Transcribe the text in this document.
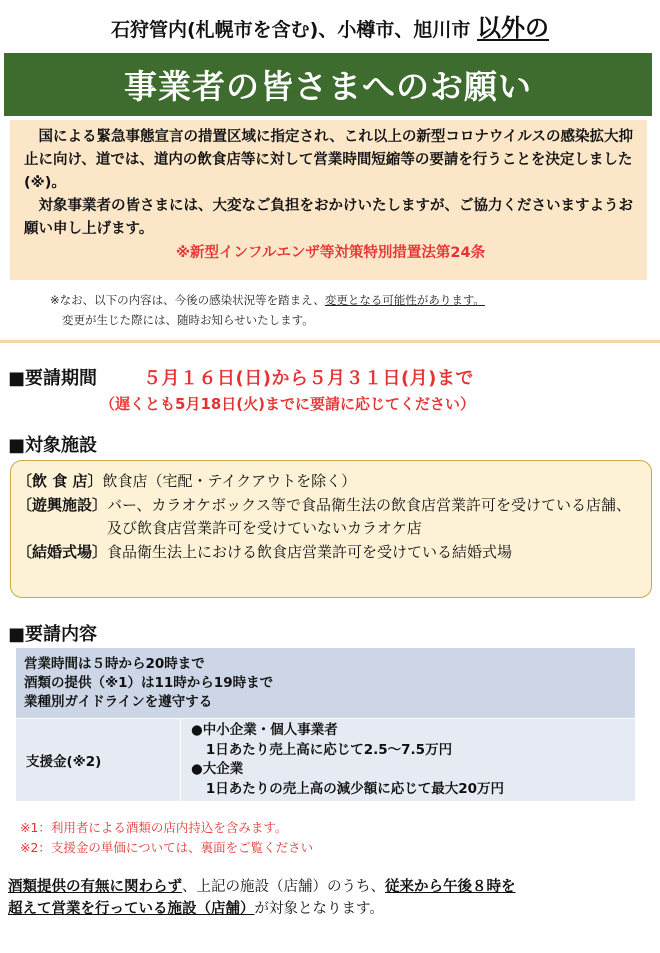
石狩管内(札幌市を含む)、小樽市、旭川市 以外の
事業者の皆さまへのお願い
国による緊急事態宣言の措置区域に指定され、これ以上の新型コロナウイルスの感染拡大抑止に向け、道では、道内の飲食店等に対して営業時間短縮等の要請を行うことを決定しました(※)。
対象事業者の皆さまには、大変なご負担をおかけいたしますが、ご協力くださいますようお願い申し上げます。
※新型インフルエンザ等対策特別措置法第24条
※なお、以下の内容は、今後の感染状況等を踏まえ、変更となる可能性があります。
変更が生じた際には、随時お知らせいたします。
■要請期間	５月１６日(日)から５月３１日(月)まで
（遅くとも5月18日(火)までに要請に応じてください）
■対象施設
〔飲 食 店〕 飲食店（宅配・テイクアウトを除く）
〔遊興施設〕 バー、カラオケボックス等で食品衛生法の飲食店営業許可を受けている店舗、及び飲食店営業許可を受けていないカラオケ店
〔結婚式場〕 食品衛生法上における飲食店営業許可を受けている結婚式場
■要請内容
営業時間は５時から20時まで
酒類の提供（※1）は11時から19時まで
業種別ガイドラインを遵守する

支援金(※2)	
●中小企業・個人事業者
1日あたり売上高に応じて2.5～7.5万円
●大企業
1日あたりの売上高の減少額に応じて最大20万円
※1：利用者による酒類の店内持込を含みます。
※2：支援金の単価については、裏面をご覧ください
酒類提供の有無に関わらず、上記の施設（店舗）のうち、従来から午後８時を
超えて営業を行っている施設（店舗）が対象となります。
